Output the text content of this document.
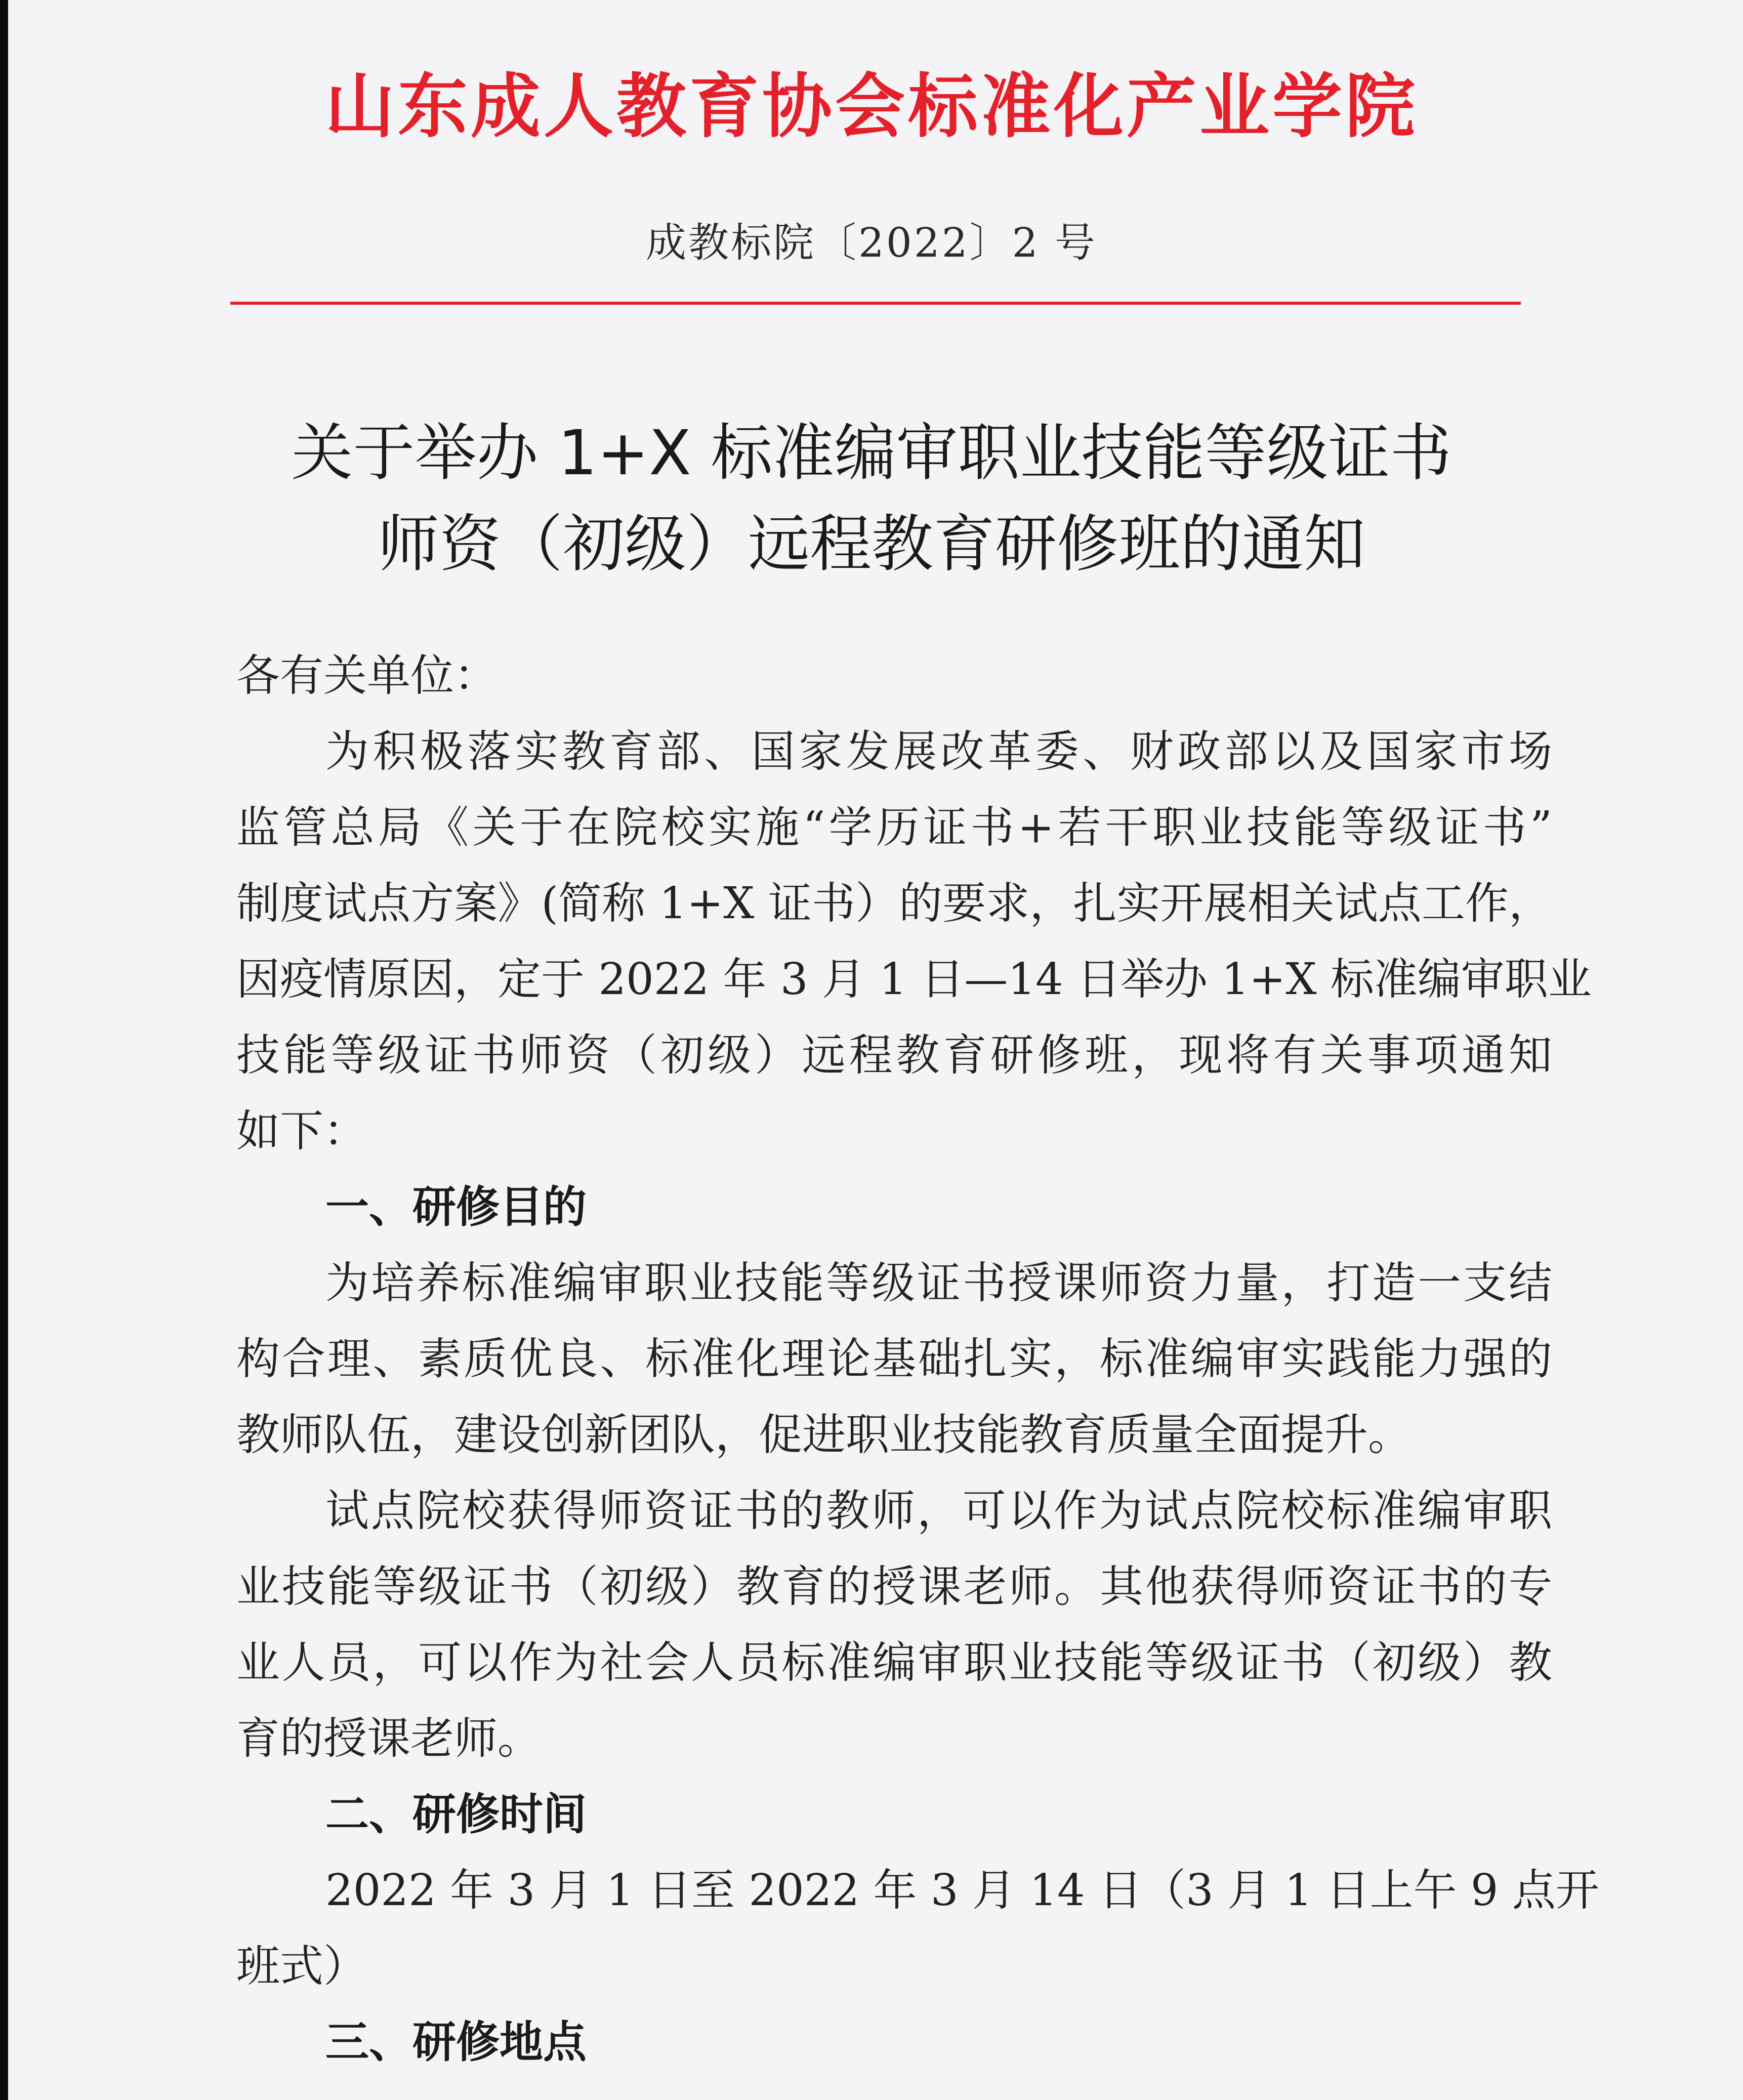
山东成人教育协会标准化产业学院
成教标院〔2022〕2 号
关于举办 1+X 标准编审职业技能等级证书
师资（初级）远程教育研修班的通知
各有关单位：
为积极落实教育部、国家发展改革委、财政部以及国家市场
监管总局《关于在院校实施“学历证书+若干职业技能等级证书”
制度试点方案》(简称 1+X 证书）的要求，扎实开展相关试点工作，
因疫情原因，定于 2022 年 3 月 1 日—14 日举办 1+X 标准编审职业
技能等级证书师资（初级）远程教育研修班，现将有关事项通知
如下：
一、研修目的
为培养标准编审职业技能等级证书授课师资力量，打造一支结
构合理、素质优良、标准化理论基础扎实，标准编审实践能力强的
教师队伍，建设创新团队，促进职业技能教育质量全面提升。
试点院校获得师资证书的教师，可以作为试点院校标准编审职
业技能等级证书（初级）教育的授课老师。其他获得师资证书的专
业人员，可以作为社会人员标准编审职业技能等级证书（初级）教
育的授课老师。
二、研修时间
2022 年 3 月 1 日至 2022 年 3 月 14 日（3 月 1 日上午 9 点开
班式）
三、研修地点
